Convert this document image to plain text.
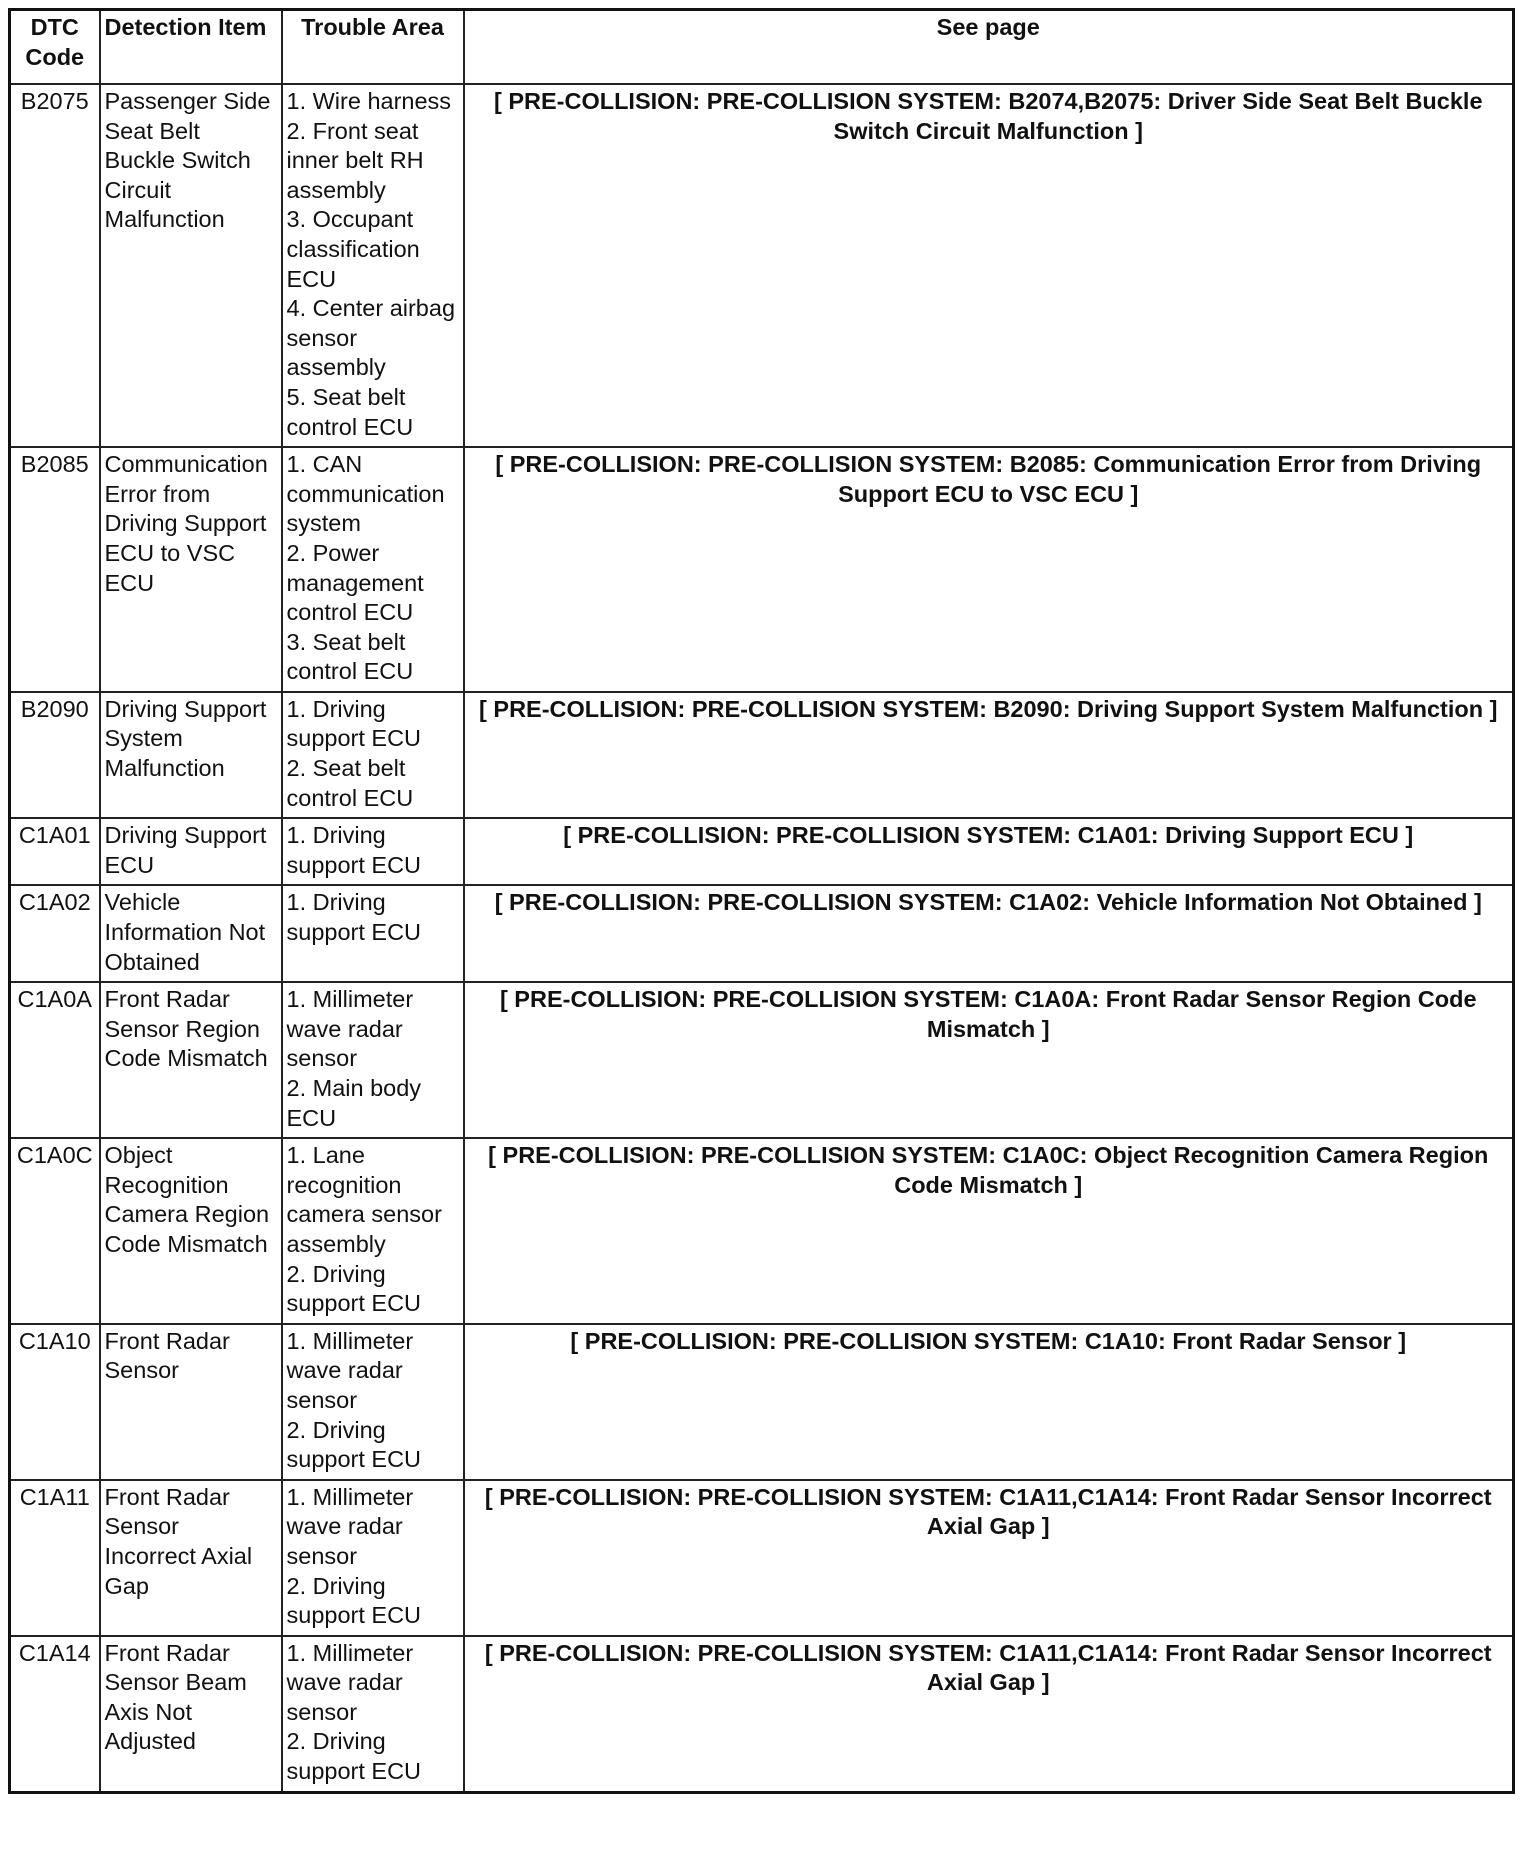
DTC Code	Detection Item	Trouble Area	See page
B2075	Passenger Side Seat Belt Buckle Switch Circuit Malfunction	1. Wire harness
2. Front seat inner belt RH assembly
3. Occupant classification ECU
4. Center airbag sensor assembly
5. Seat belt control ECU	[ PRE-COLLISION: PRE-COLLISION SYSTEM: B2074,B2075: Driver Side Seat Belt Buckle Switch Circuit Malfunction ]
B2085	Communication Error from Driving Support ECU to VSC ECU	1. CAN communication system
2. Power management control ECU
3. Seat belt control ECU	[ PRE-COLLISION: PRE-COLLISION SYSTEM: B2085: Communication Error from Driving Support ECU to VSC ECU ]
B2090	Driving Support System Malfunction	1. Driving support ECU
2. Seat belt control ECU	[ PRE-COLLISION: PRE-COLLISION SYSTEM: B2090: Driving Support System Malfunction ]
C1A01	Driving Support ECU	1. Driving support ECU	[ PRE-COLLISION: PRE-COLLISION SYSTEM: C1A01: Driving Support ECU ]
C1A02	Vehicle Information Not Obtained	1. Driving support ECU	[ PRE-COLLISION: PRE-COLLISION SYSTEM: C1A02: Vehicle Information Not Obtained ]
C1A0A	Front Radar Sensor Region Code Mismatch	1. Millimeter wave radar sensor
2. Main body ECU	[ PRE-COLLISION: PRE-COLLISION SYSTEM: C1A0A: Front Radar Sensor Region Code Mismatch ]
C1A0C	Object Recognition Camera Region Code Mismatch	1. Lane recognition camera sensor assembly
2. Driving support ECU	[ PRE-COLLISION: PRE-COLLISION SYSTEM: C1A0C: Object Recognition Camera Region Code Mismatch ]
C1A10	Front Radar Sensor	1. Millimeter wave radar sensor
2. Driving support ECU	[ PRE-COLLISION: PRE-COLLISION SYSTEM: C1A10: Front Radar Sensor ]
C1A11	Front Radar Sensor Incorrect Axial Gap	1. Millimeter wave radar sensor
2. Driving support ECU	[ PRE-COLLISION: PRE-COLLISION SYSTEM: C1A11,C1A14: Front Radar Sensor Incorrect Axial Gap ]
C1A14	Front Radar Sensor Beam Axis Not Adjusted	1. Millimeter wave radar sensor
2. Driving support ECU	[ PRE-COLLISION: PRE-COLLISION SYSTEM: C1A11,C1A14: Front Radar Sensor Incorrect Axial Gap ]
